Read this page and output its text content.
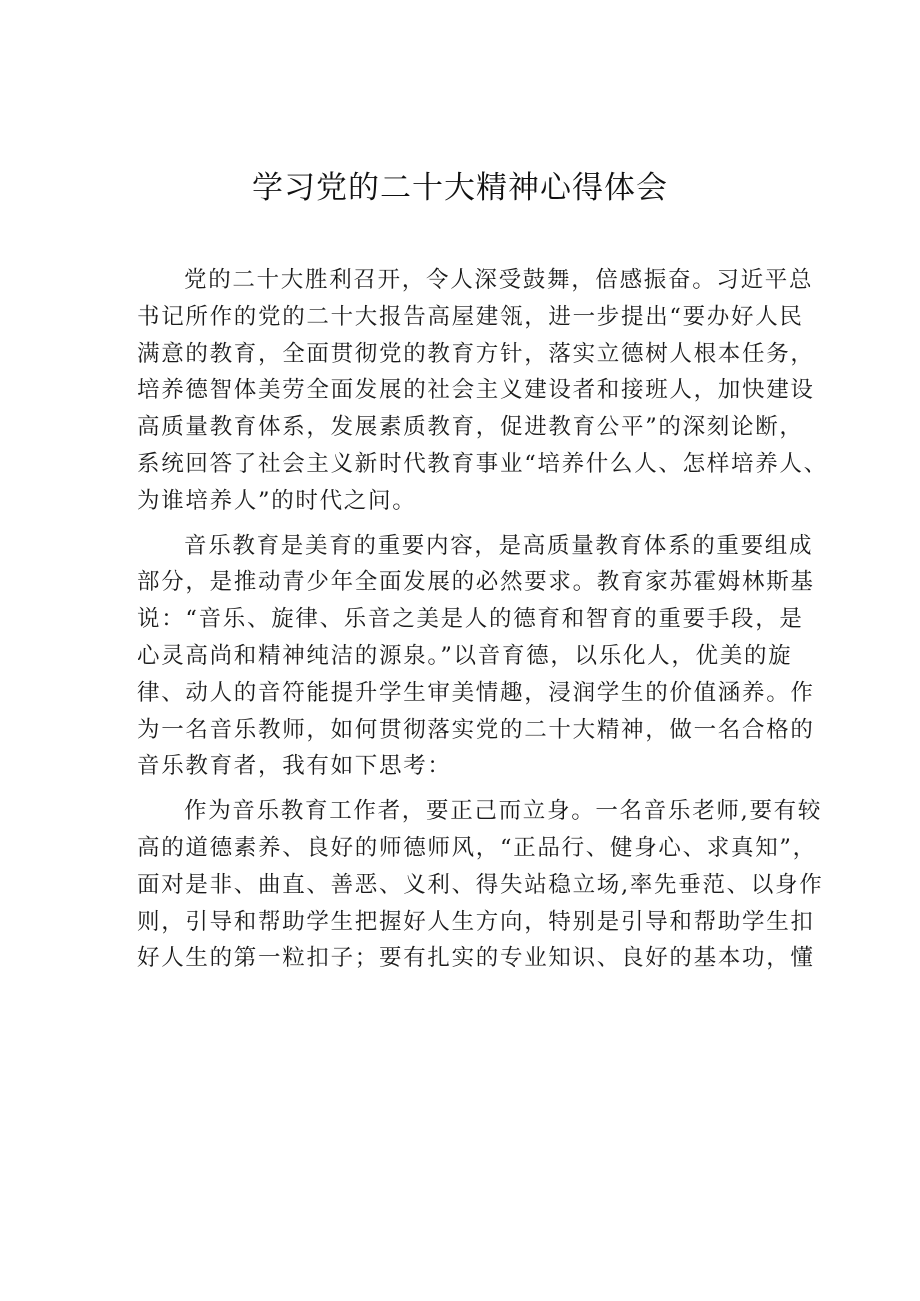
学习党的二十大精神心得体会
党的二十大胜利召开，令人深受鼓舞，倍感振奋。习近平总
书记所作的党的二十大报告高屋建瓴，进一步提出“要办好人民
满意的教育，全面贯彻党的教育方针，落实立德树人根本任务，
培养德智体美劳全面发展的社会主义建设者和接班人，加快建设
高质量教育体系，发展素质教育，促进教育公平”的深刻论断，
系统回答了社会主义新时代教育事业“培养什么人、怎样培养人、
为谁培养人”的时代之问。
音乐教育是美育的重要内容，是高质量教育体系的重要组成
部分，是推动青少年全面发展的必然要求。教育家苏霍姆林斯基
说：“音乐、旋律、乐音之美是人的德育和智育的重要手段，是
心灵高尚和精神纯洁的源泉。”以音育德，以乐化人，优美的旋
律、动人的音符能提升学生审美情趣，浸润学生的价值涵养。作
为一名音乐教师，如何贯彻落实党的二十大精神，做一名合格的
音乐教育者，我有如下思考：
作为音乐教育工作者，要正己而立身。一名音乐老师,要有较
高的道德素养、良好的师德师风，“正品行、健身心、求真知”，
面对是非、曲直、善恶、义利、得失站稳立场,率先垂范、以身作
则，引导和帮助学生把握好人生方向，特别是引导和帮助学生扣
好人生的第一粒扣子；要有扎实的专业知识、良好的基本功，懂
